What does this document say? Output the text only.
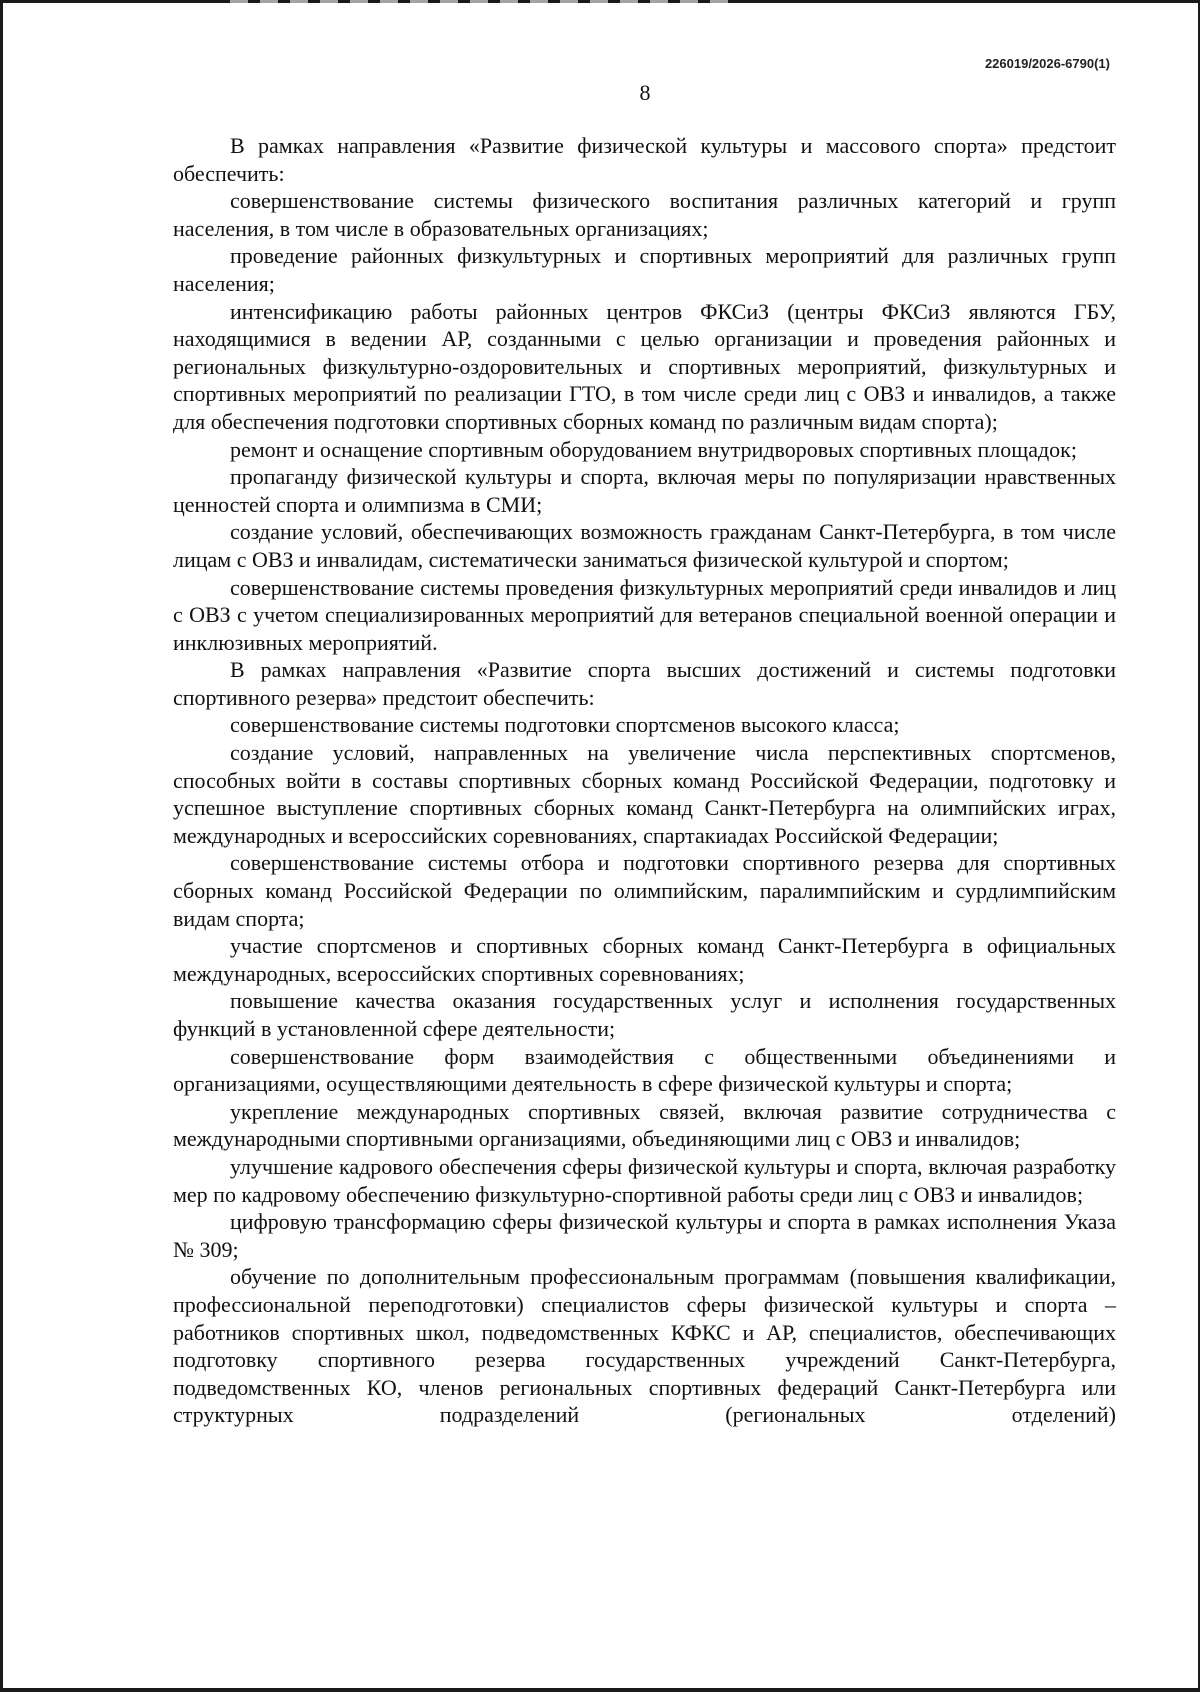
226019/2026-6790(1)
8

В рамках направления «Развитие физической культуры и массового спорта» предстоит обеспечить:

совершенствование системы физического воспитания различных категорий и групп населения, в том числе в образовательных организациях;

проведение районных физкультурных и спортивных мероприятий для различных групп населения;

интенсификацию работы районных центров ФКСиЗ (центры ФКСиЗ являются ГБУ, находящимися в ведении АР, созданными с целью организации и проведения районных и региональных физкультурно-оздоровительных и спортивных мероприятий, физкультурных и спортивных мероприятий по реализации ГТО, в том числе среди лиц с ОВЗ и инвалидов, а также для обеспечения подготовки спортивных сборных команд по различным видам спорта);

ремонт и оснащение спортивным оборудованием внутридворовых спортивных площадок;

пропаганду физической культуры и спорта, включая меры по популяризации нравственных ценностей спорта и олимпизма в СМИ;

создание условий, обеспечивающих возможность гражданам Санкт-Петербурга, в том числе лицам с ОВЗ и инвалидам, систематически заниматься физической культурой и спортом;

совершенствование системы проведения физкультурных мероприятий среди инвалидов и лиц с ОВЗ с учетом специализированных мероприятий для ветеранов специальной военной операции и инклюзивных мероприятий.

В рамках направления «Развитие спорта высших достижений и системы подготовки спортивного резерва» предстоит обеспечить:

совершенствование системы подготовки спортсменов высокого класса;

создание условий, направленных на увеличение числа перспективных спортсменов, способных войти в составы спортивных сборных команд Российской Федерации, подготовку и успешное выступление спортивных сборных команд Санкт-Петербурга на олимпийских играх, международных и всероссийских соревнованиях, спартакиадах Российской Федерации;

совершенствование системы отбора и подготовки спортивного резерва для спортивных сборных команд Российской Федерации по олимпийским, паралимпийским и сурдлимпийским видам спорта;

участие спортсменов и спортивных сборных команд Санкт-Петербурга в официальных международных, всероссийских спортивных соревнованиях;

повышение качества оказания государственных услуг и исполнения государственных функций в установленной сфере деятельности;

совершенствование форм взаимодействия с общественными объединениями и организациями, осуществляющими деятельность в сфере физической культуры и спорта;

укрепление международных спортивных связей, включая развитие сотрудничества с международными спортивными организациями, объединяющими лиц с ОВЗ и инвалидов;

улучшение кадрового обеспечения сферы физической культуры и спорта, включая разработку мер по кадровому обеспечению физкультурно-спортивной работы среди лиц с ОВЗ и инвалидов;

цифровую трансформацию сферы физической культуры и спорта в рамках исполнения Указа № 309;

обучение по дополнительным профессиональным программам (повышения квалификации, профессиональной переподготовки) специалистов сферы физической культуры и спорта – работников спортивных школ, подведомственных КФКС и АР, специалистов, обеспечивающих подготовку спортивного резерва государственных учреждений Санкт-Петербурга, подведомственных КО, членов региональных спортивных федераций Санкт-Петербурга или структурных подразделений (региональных отделений)
